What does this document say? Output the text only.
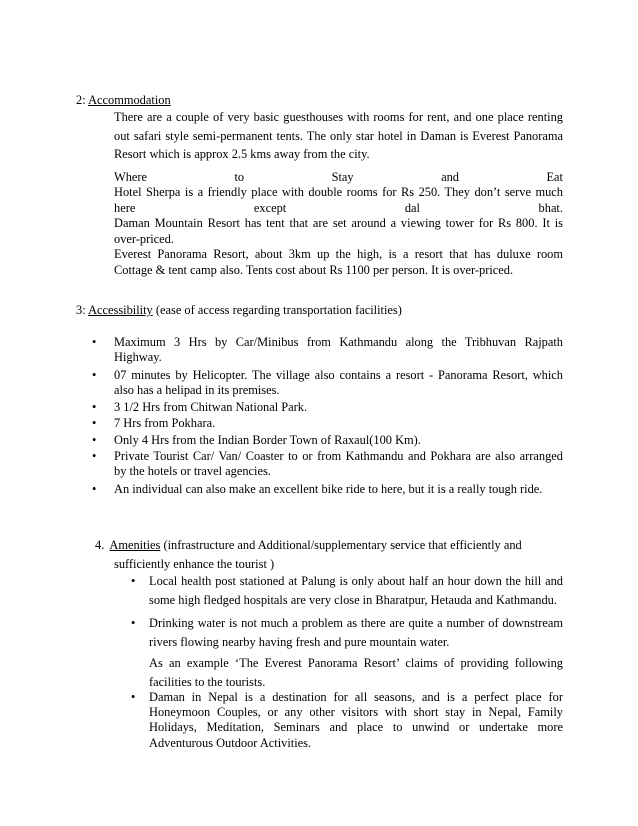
2: Accommodation
There are a couple of very basic guesthouses with rooms for rent, and one place renting
out safari style semi-permanent tents. The only star hotel in Daman is Everest Panorama
Resort which is approx 2.5 kms away from the city.
Where	to	Stay	and	Eat
Hotel Sherpa is a friendly place with double rooms for Rs 250. They don’t serve much
here	except	dal	bhat.
Daman Mountain Resort has tent that are set around a viewing tower for Rs 800. It is
over-priced.
Everest Panorama Resort, about 3km up the high, is a resort that has duluxe room
Cottage & tent camp also. Tents cost about Rs 1100 per person. It is over-priced.
3: Accessibility (ease of access regarding transportation facilities)
• Maximum 3 Hrs by Car/Minibus from Kathmandu along the Tribhuvan Rajpath
Highway.
• 07 minutes by Helicopter. The village also contains a resort - Panorama Resort, which
also has a helipad in its premises.
• 3 1/2 Hrs from Chitwan National Park.
• 7 Hrs from Pokhara.
• Only 4 Hrs from the Indian Border Town of Raxaul(100 Km).
• Private Tourist Car/ Van/ Coaster to or from Kathmandu and Pokhara are also arranged
by the hotels or travel agencies.
• An individual can also make an excellent bike ride to here, but it is a really tough ride.
4. Amenities (infrastructure and Additional/supplementary service that efficiently and
sufficiently enhance the tourist )
• Local health post stationed at Palung is only about half an hour down the hill and
some high fledged hospitals are very close in Bharatpur, Hetauda and Kathmandu.
• Drinking water is not much a problem as there are quite a number of downstream
rivers flowing nearby having fresh and pure mountain water.
As an example ‘The Everest Panorama Resort’ claims of providing following
facilities to the tourists.
• Daman in Nepal is a destination for all seasons, and is a perfect place for
Honeymoon Couples, or any other visitors with short stay in Nepal, Family
Holidays, Meditation, Seminars and place to unwind or undertake more
Adventurous Outdoor Activities.
